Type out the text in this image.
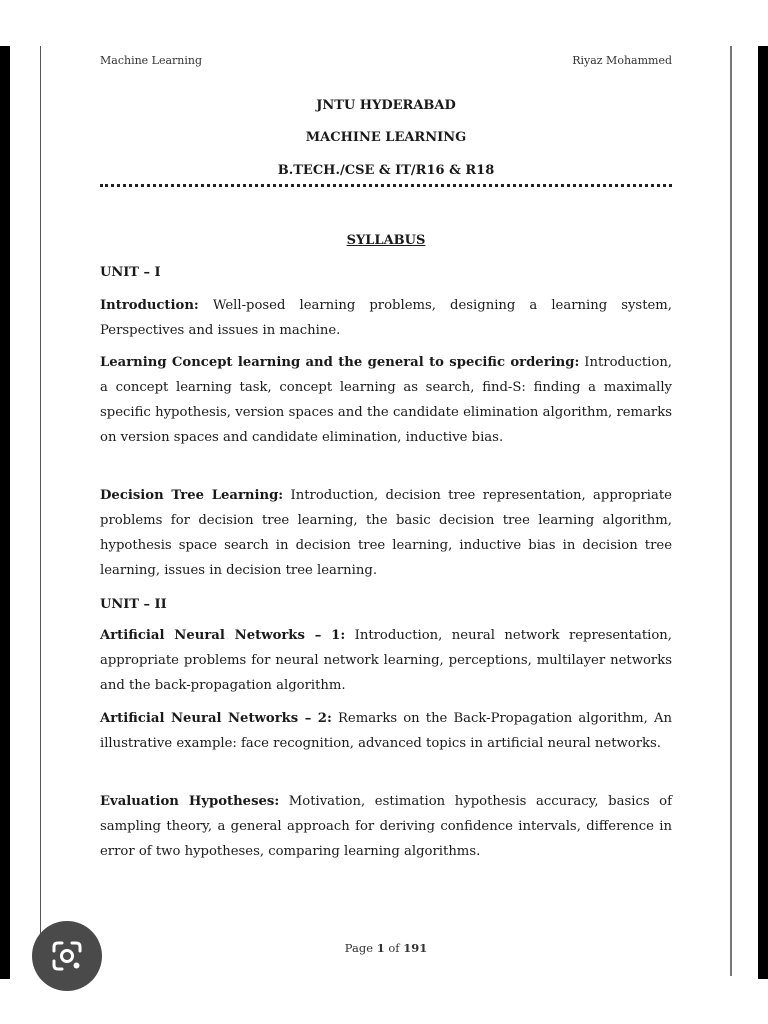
Machine Learning	Riyaz Mohammed
JNTU HYDERABAD
MACHINE LEARNING
B.TECH./CSE & IT/R16 & R18
SYLLABUS
UNIT – I
Introduction: Well-posed learning problems, designing a learning system, Perspectives and issues in machine.
Learning Concept learning and the general to specific ordering: Introduction, a concept learning task, concept learning as search, find-S: finding a maximally specific hypothesis, version spaces and the candidate elimination algorithm, remarks on version spaces and candidate elimination, inductive bias.
Decision Tree Learning: Introduction, decision tree representation, appropriate problems for decision tree learning, the basic decision tree learning algorithm, hypothesis space search in decision tree learning, inductive bias in decision tree learning, issues in decision tree learning.
UNIT – II
Artificial Neural Networks – 1: Introduction, neural network representation, appropriate problems for neural network learning, perceptions, multilayer networks and the back-propagation algorithm.
Artificial Neural Networks – 2: Remarks on the Back-Propagation algorithm, An illustrative example: face recognition, advanced topics in artificial neural networks.
Evaluation Hypotheses: Motivation, estimation hypothesis accuracy, basics of sampling theory, a general approach for deriving confidence intervals, difference in error of two hypotheses, comparing learning algorithms.
Page 1 of 191
